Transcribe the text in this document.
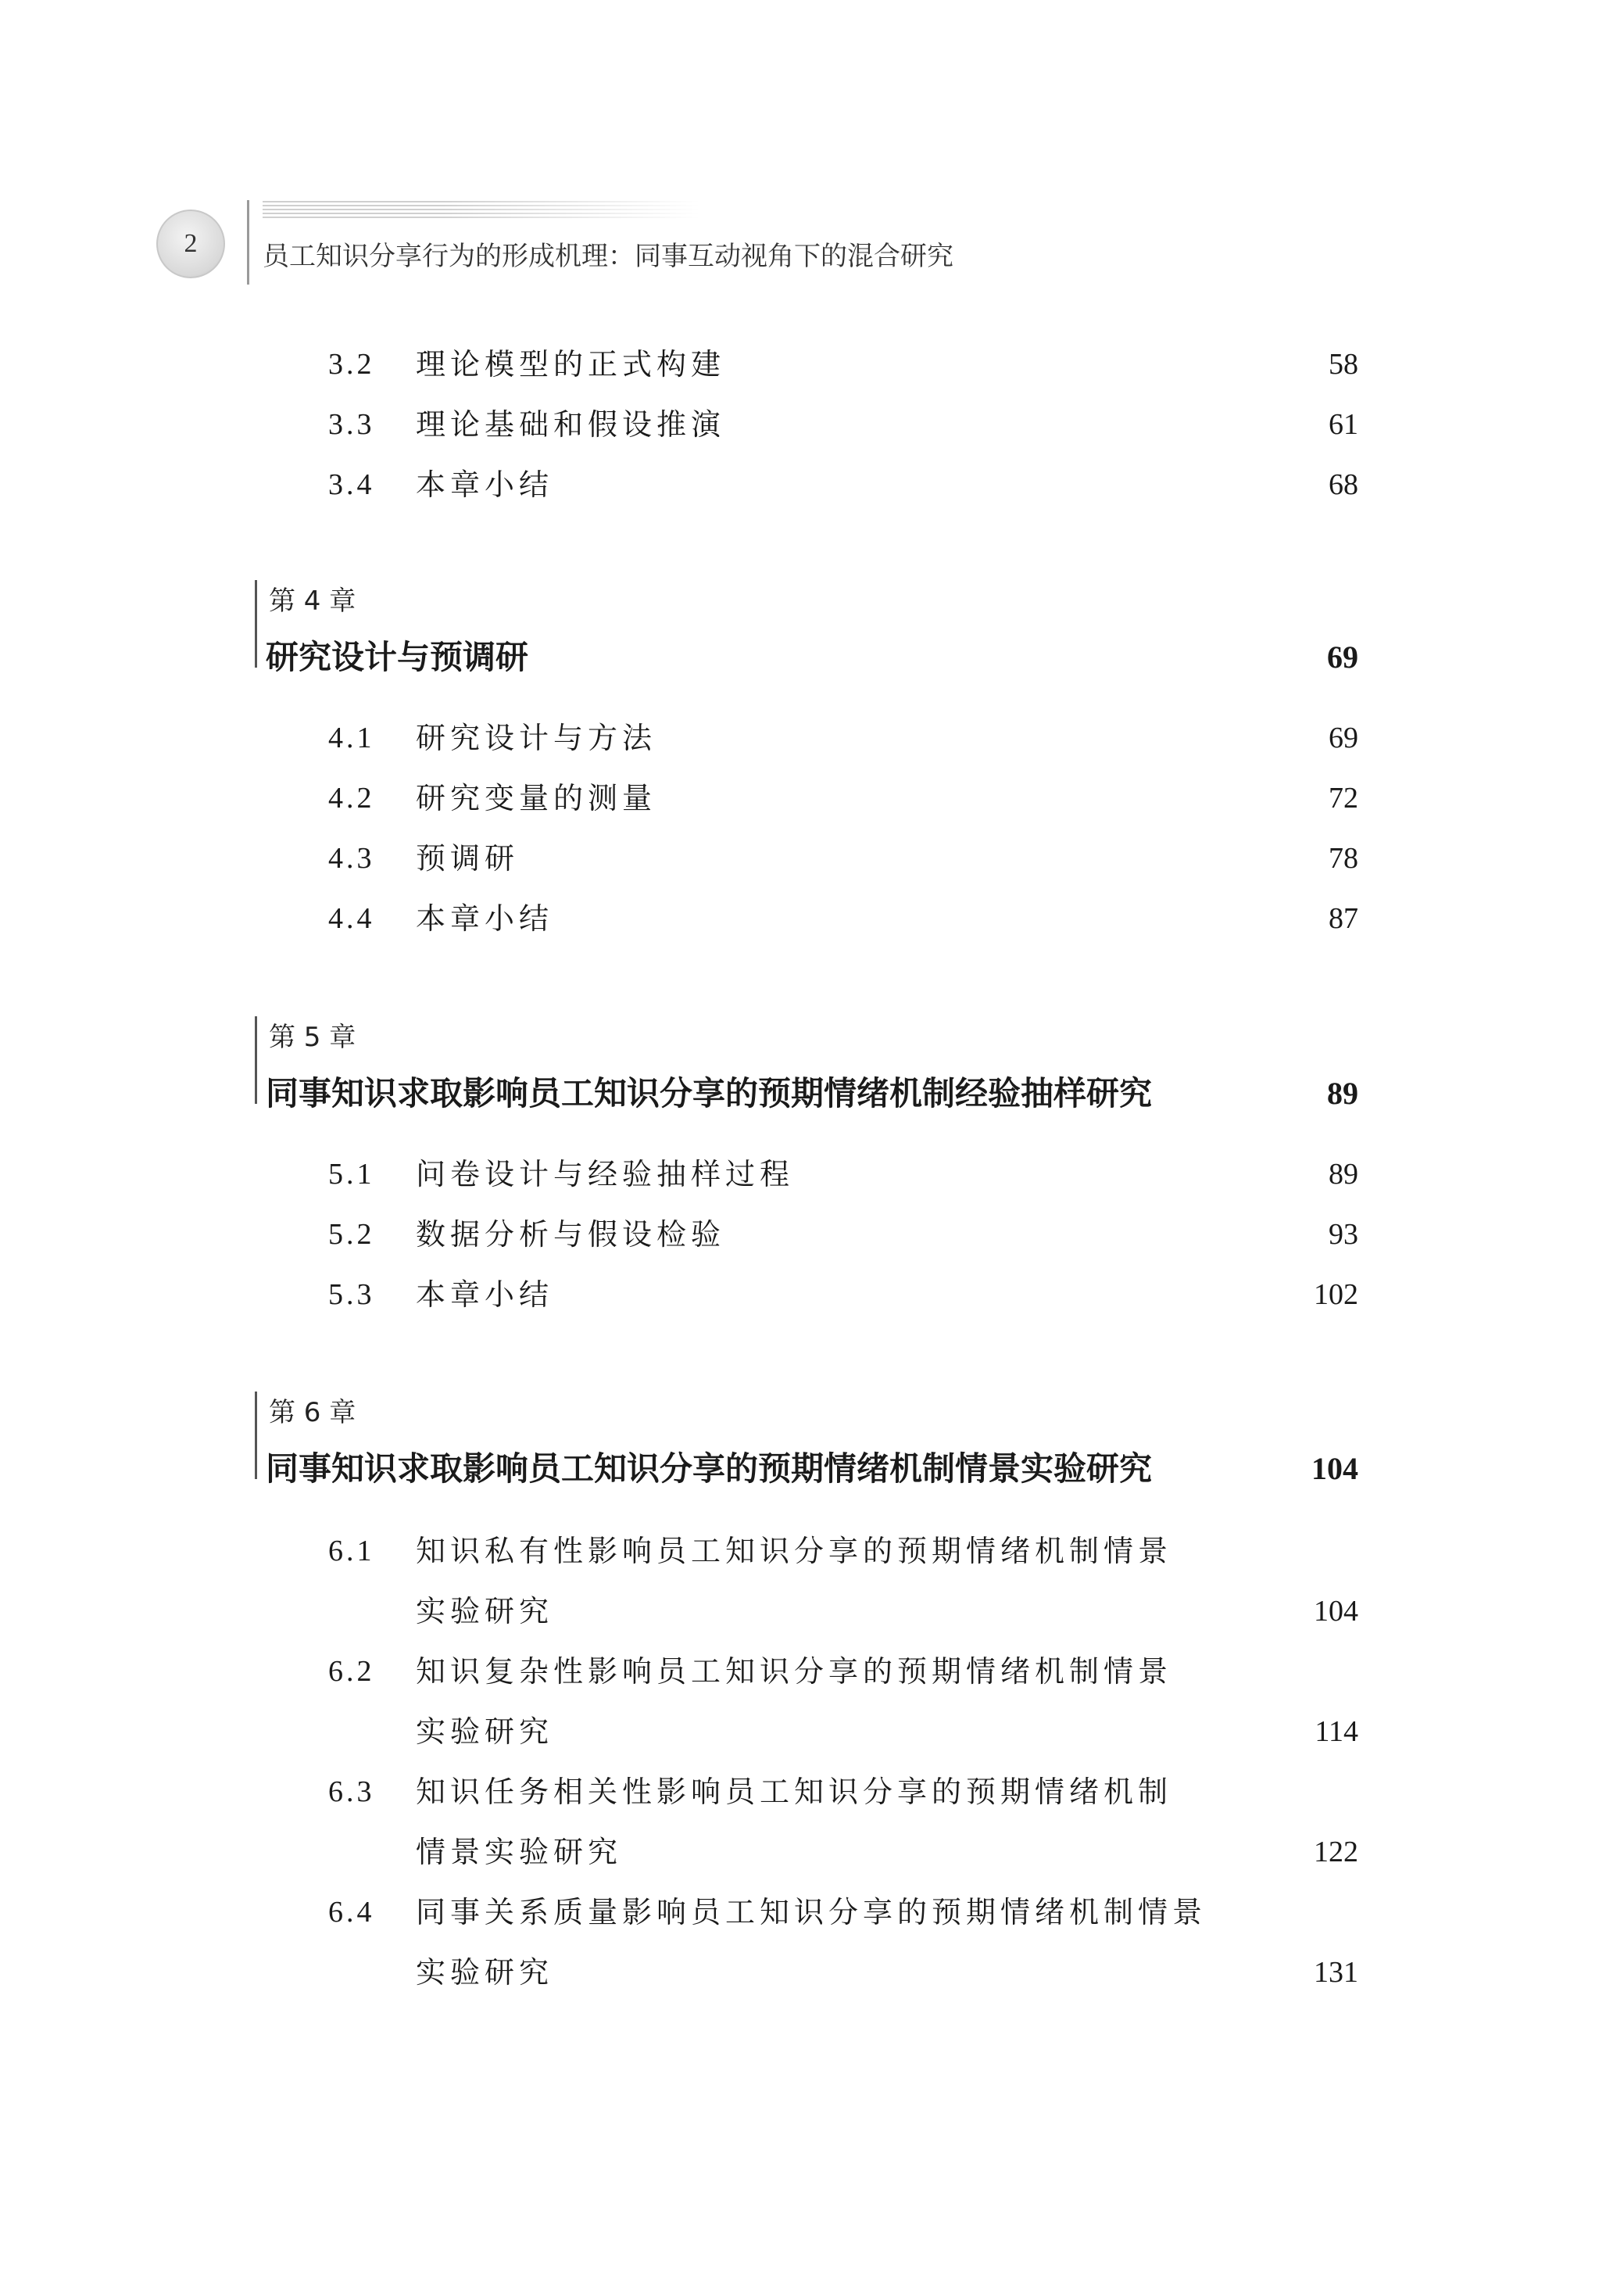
2 员工知识分享行为的形成机理：同事互动视角下的混合研究
3.2 理论模型的正式构建	58
3.3 理论基础和假设推演	61
3.4 本章小结	68
第 4 章
研究设计与预调研	69
4.1 研究设计与方法	69
4.2 研究变量的测量	72
4.3 预调研	78
4.4 本章小结	87
第 5 章
同事知识求取影响员工知识分享的预期情绪机制经验抽样研究	89
5.1 问卷设计与经验抽样过程	89
5.2 数据分析与假设检验	93
5.3 本章小结	102
第 6 章
同事知识求取影响员工知识分享的预期情绪机制情景实验研究	104
6.1 知识私有性影响员工知识分享的预期情绪机制情景
实验研究	104
6.2 知识复杂性影响员工知识分享的预期情绪机制情景
实验研究	114
6.3 知识任务相关性影响员工知识分享的预期情绪机制
情景实验研究	122
6.4 同事关系质量影响员工知识分享的预期情绪机制情景
实验研究	131
